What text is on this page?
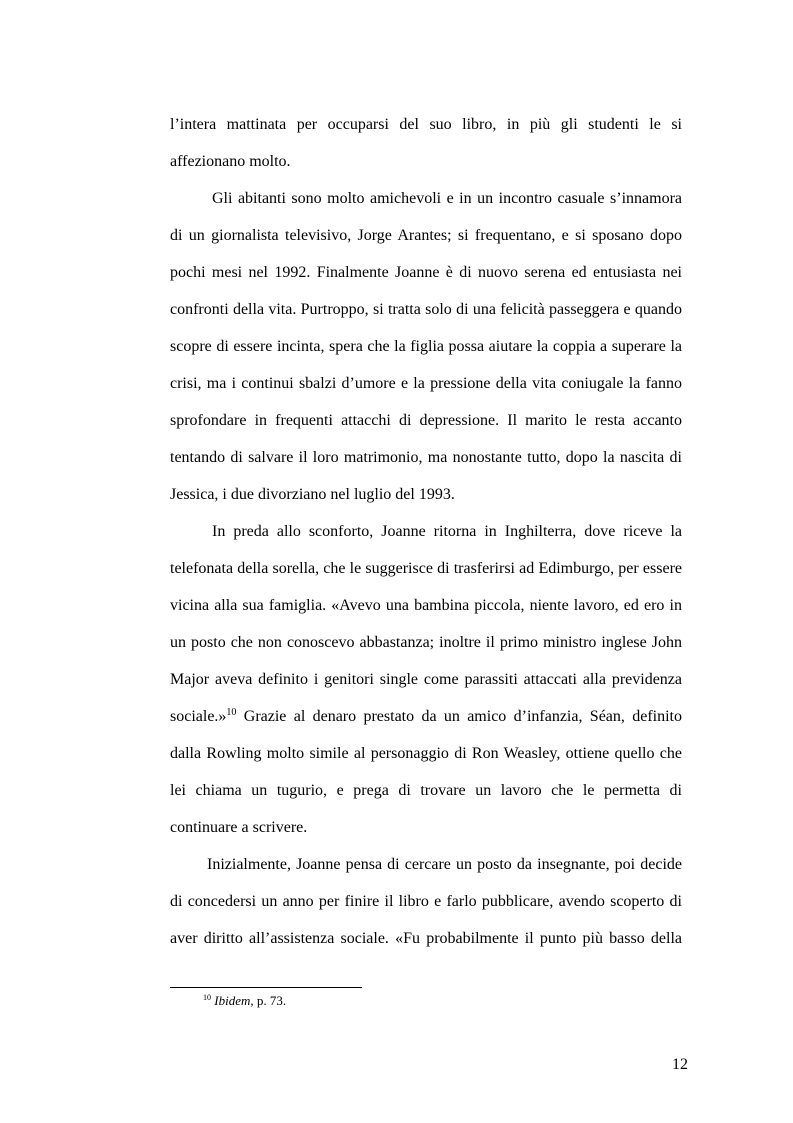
l’intera mattinata per occuparsi del suo libro, in più gli studenti le si
affezionano molto.
Gli abitanti sono molto amichevoli e in un incontro casuale s’innamora
di un giornalista televisivo, Jorge Arantes; si frequentano, e si sposano dopo
pochi mesi nel 1992. Finalmente Joanne è di nuovo serena ed entusiasta nei
confronti della vita. Purtroppo, si tratta solo di una felicità passeggera e quando
scopre di essere incinta, spera che la figlia possa aiutare la coppia a superare la
crisi, ma i continui sbalzi d’umore e la pressione della vita coniugale la fanno
sprofondare in frequenti attacchi di depressione. Il marito le resta accanto
tentando di salvare il loro matrimonio, ma nonostante tutto, dopo la nascita di
Jessica, i due divorziano nel luglio del 1993.
In preda allo sconforto, Joanne ritorna in Inghilterra, dove riceve la
telefonata della sorella, che le suggerisce di trasferirsi ad Edimburgo, per essere
vicina alla sua famiglia. «Avevo una bambina piccola, niente lavoro, ed ero in
un posto che non conoscevo abbastanza; inoltre il primo ministro inglese John
Major aveva definito i genitori single come parassiti attaccati alla previdenza
sociale.»$^{10}$ Grazie al denaro prestato da un amico d’infanzia, Séan, definito
dalla Rowling molto simile al personaggio di Ron Weasley, ottiene quello che
lei chiama un tugurio, e prega di trovare un lavoro che le permetta di
continuare a scrivere.
Inizialmente, Joanne pensa di cercare un posto da insegnante, poi decide
di concedersi un anno per finire il libro e farlo pubblicare, avendo scoperto di
aver diritto all’assistenza sociale. «Fu probabilmente il punto più basso della
$^{10}$ Ibidem, p. 73.
12
